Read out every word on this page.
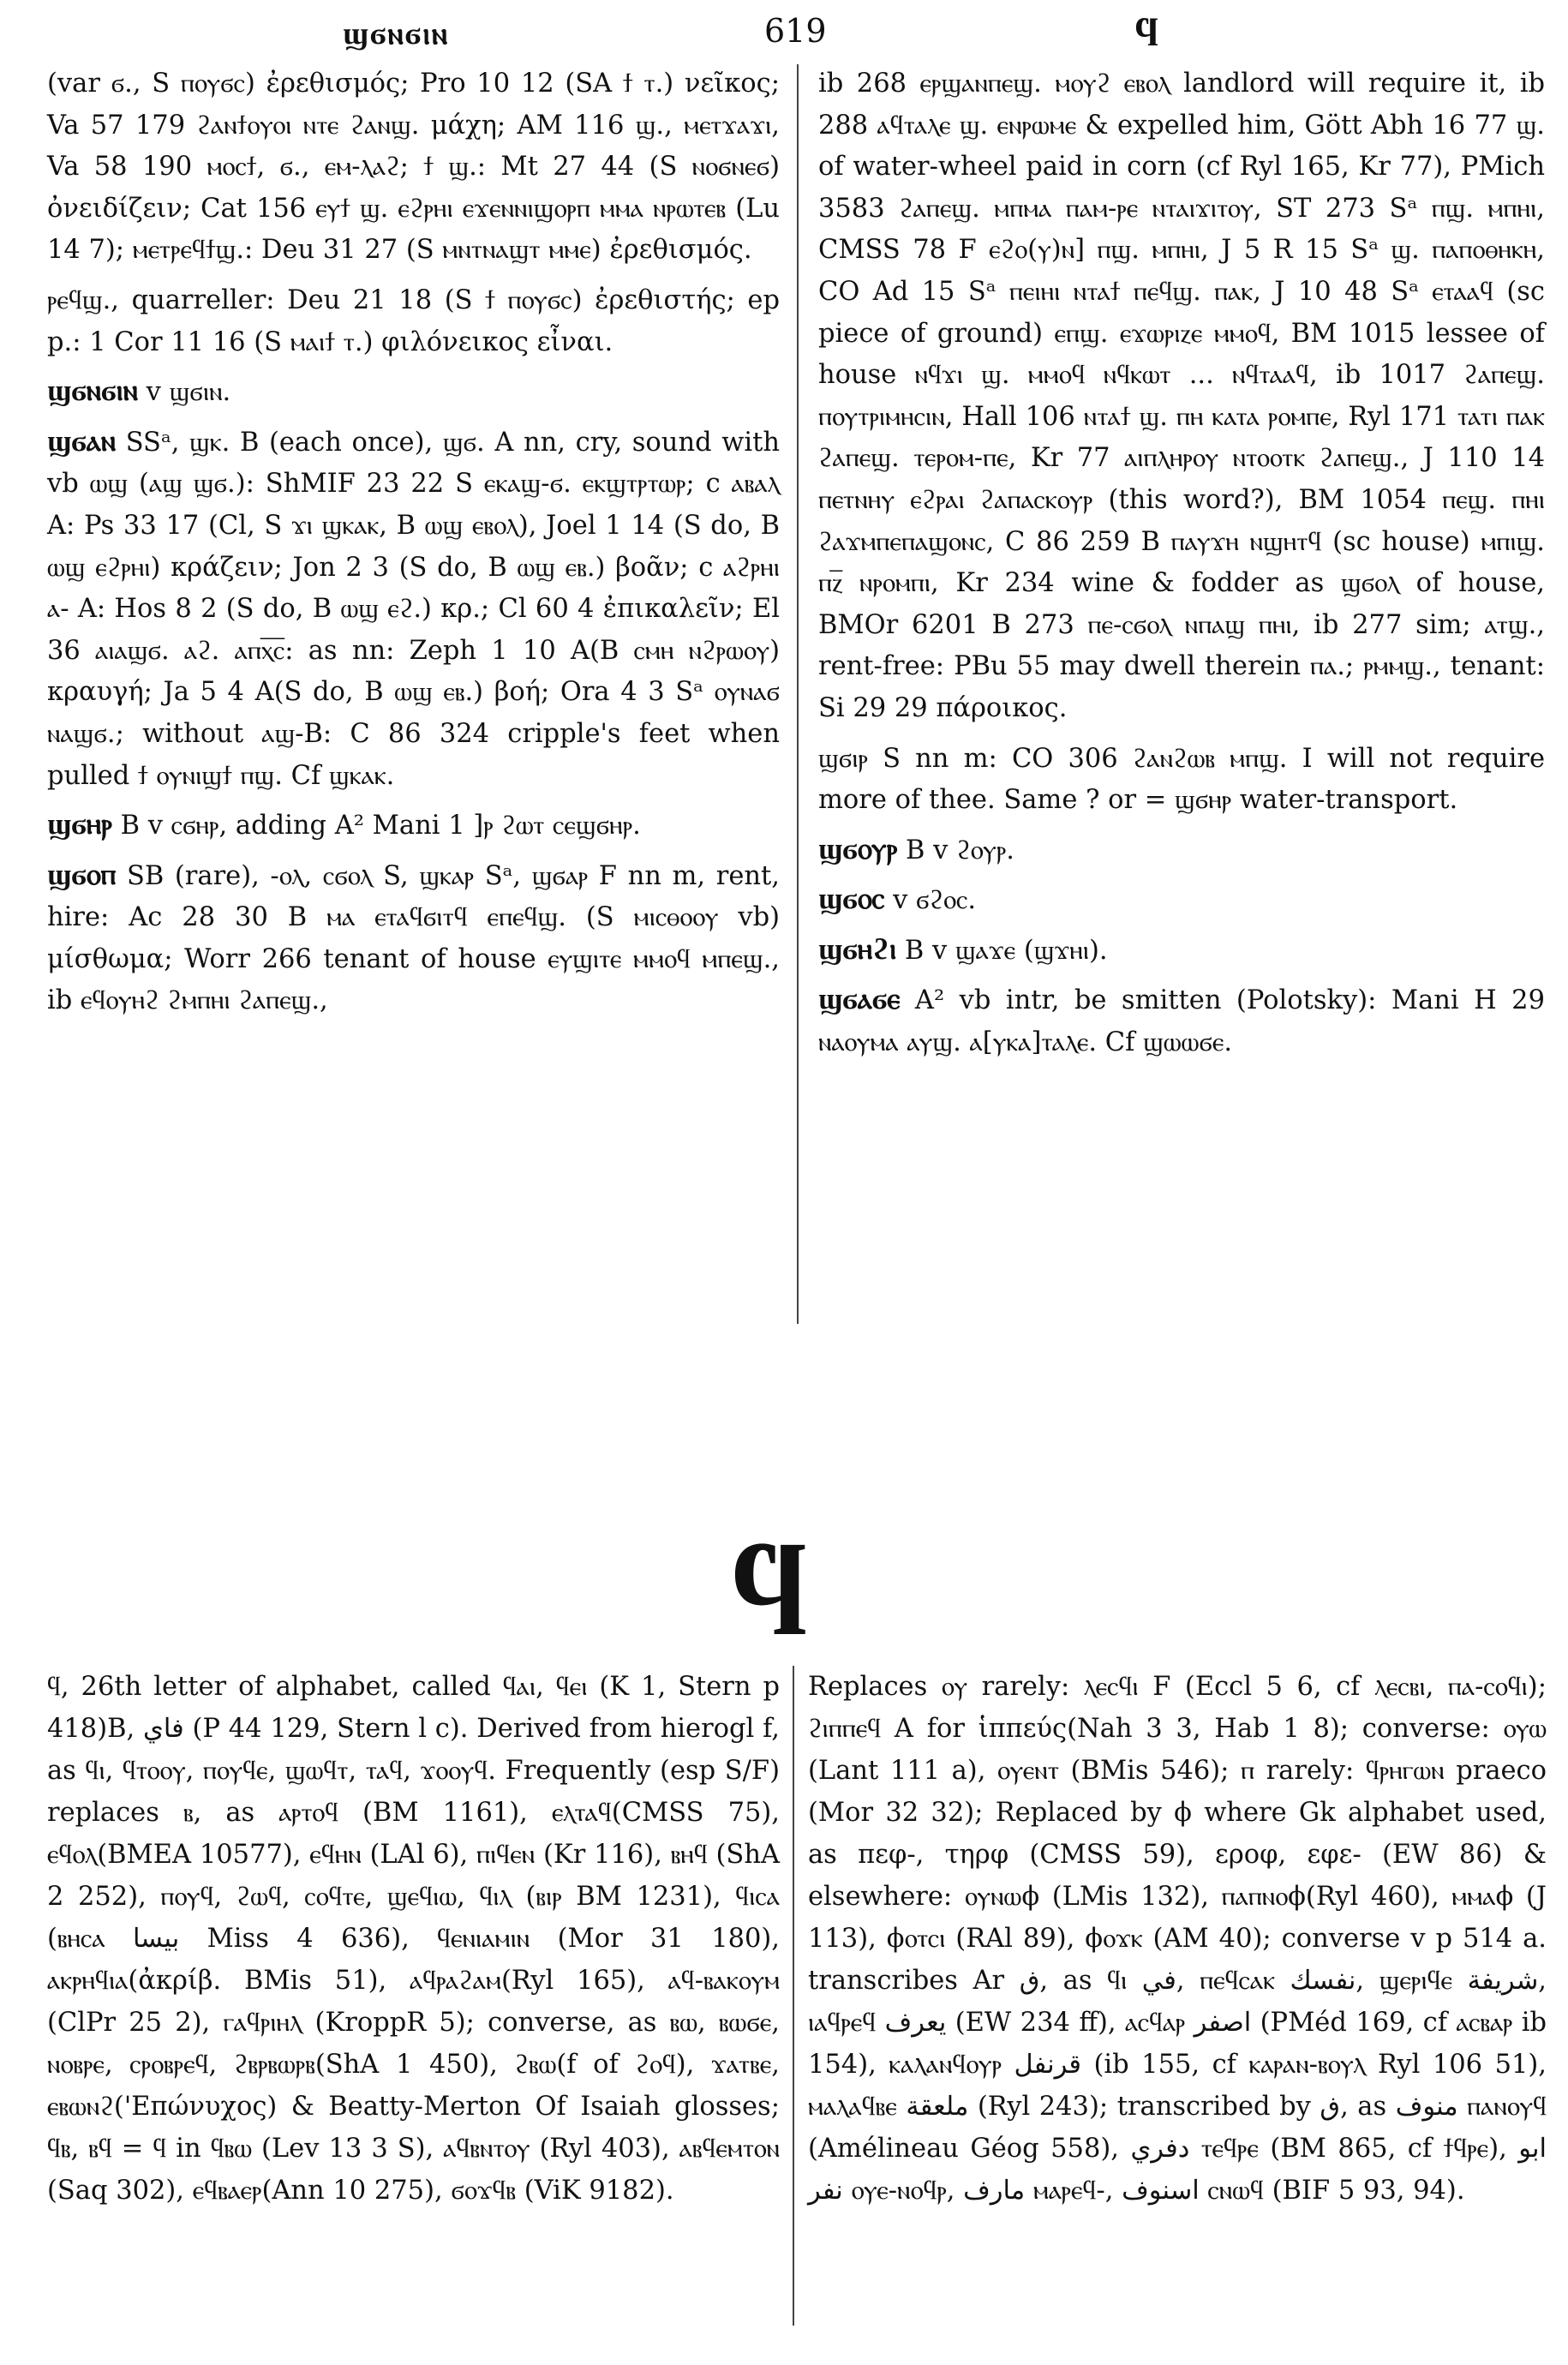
ϣϭⲛϭⲓⲛ	619	ϥ

(var ϭ., S ⲡⲟⲩϭⲥ) ἐρεθισμός; Pro 10 12 (SA ϯ ⲧ.) νεῖκος; Va 57 179 ϩⲁⲛϯⲟⲩⲟⲓ ⲛⲧⲉ ϩⲁⲛϣ. μάχη; AM 116 ϣ., ⲙⲉⲧϫⲁϫⲓ, Va 58 190 ⲙⲟⲥϯ, ϭ., ⲉⲙ-ⲗⲁϩ; ϯ ϣ.: Mt 27 44 (S ⲛⲟϭⲛⲉϭ) ὀνειδίζειν; Cat 156 ⲉⲩϯ ϣ. ⲉϩⲣⲏⲓ ⲉϫⲉⲛⲛⲓϣⲟⲣⲡ ⲙⲙⲁ ⲛⲣⲱⲧⲉⲃ (Lu 14 7); ⲙⲉⲧⲣⲉϥϯϣ.: Deu 31 27 (S ⲙⲛⲧⲛⲁϣⲧ ⲙⲙⲉ) ἐρεθισμός.

ⲣⲉϥϣ., quarreller: Deu 21 18 (S ϯ ⲡⲟⲩϭⲥ) ἐρεθιστής; ep p.: 1 Cor 11 16 (S ⲙⲁⲓϯ ⲧ.) φιλόνεικος εἶναι.

ϣϭⲛϭⲓⲛ v ϣϭⲓⲛ.

ϣϭⲁⲛ SSᵃ, ϣⲕ. B (each once), ϣϭ. A nn, cry, sound with vb ⲱϣ (ⲁϣ ϣϭ.): ShMIF 23 22 S ⲉⲕⲁϣ-ϭ. ⲉⲕϣⲧⲣⲧⲱⲣ; c ⲁⲃⲁⲗ A: Ps 33 17 (Cl, S ϫⲓ ϣⲕⲁⲕ, B ⲱϣ ⲉⲃⲟⲗ), Joel 1 14 (S do, B ⲱϣ ⲉϩⲣⲏⲓ) κράζειν; Jon 2 3 (S do, B ⲱϣ ⲉⲃ.) βοᾶν; c ⲁϩⲣⲏⲓ ⲁ- A: Hos 8 2 (S do, B ⲱϣ ⲉϩ.) κρ.; Cl 60 4 ἐπικαλεῖν; El 36 ⲁⲓⲁϣϭ. ⲁϩ. ⲁⲡⲭ̅ⲥ̅: as nn: Zeph 1 10 A(B ⲥⲙⲏ ⲛϩⲣⲱⲟⲩ) κραυγή; Ja 5 4 A(S do, B ⲱϣ ⲉⲃ.) βοή; Ora 4 3 Sᵃ ⲟⲩⲛⲁϭ ⲛⲁϣϭ.; without ⲁϣ-B: C 86 324 cripple's feet when pulled ϯ ⲟⲩⲛⲓϣϯ ⲡϣ. Cf ϣⲕⲁⲕ.

ϣϭⲏⲣ B v ⲥϭⲏⲣ, adding A² Mani 1 ]ⲣ ϩⲱⲧ ⲥⲉϣϭⲏⲣ.

ϣϭⲟⲡ SB (rare), -ⲟⲗ, ⲥϭⲟⲗ S, ϣⲕⲁⲣ Sᵃ, ϣϭⲁⲣ F nn m, rent, hire: Ac 28 30 B ⲙⲁ ⲉⲧⲁϥϭⲓⲧϥ ⲉⲡⲉϥϣ. (S ⲙⲓⲥⲑⲟⲟⲩ vb) μίσθωμα; Worr 266 tenant of house ⲉⲩϣⲓⲧⲉ ⲙⲙⲟϥ ⲙⲡⲉϣ., ib ⲉϥⲟⲩⲏϩ ϩⲙⲡⲏⲓ ϩⲁⲡⲉϣ.,

ib 268 ⲉⲣϣⲁⲛⲡⲉϣ. ⲙⲟⲩϩ ⲉⲃⲟⲗ landlord will require it, ib 288 ⲁϥⲧⲁⲗⲉ ϣ. ⲉⲛⲣⲱⲙⲉ & expelled him, Gött Abh 16 77 ϣ. of water-wheel paid in corn (cf Ryl 165, Kr 77), PMich 3583 ϩⲁⲡⲉϣ. ⲙⲡⲙⲁ ⲡⲁⲙ-ⲣⲉ ⲛⲧⲁⲓϫⲓⲧⲟⲩ, ST 273 Sᵃ ⲡϣ. ⲙⲡⲏⲓ, CMSS 78 F ⲉϩⲟ(ⲩ)ⲛ] ⲡϣ. ⲙⲡⲏⲓ, J 5 R 15 Sᵃ ϣ. ⲡⲁⲡⲟⲑⲏⲕⲏ, CO Ad 15 Sᵃ ⲡⲉⲓⲏⲓ ⲛⲧⲁϯ ⲡⲉϥϣ. ⲡⲁⲕ, J 10 48 Sᵃ ⲉⲧⲁⲁϥ (sc piece of ground) ⲉⲡϣ. ⲉϫⲱⲣⲓⲍⲉ ⲙⲙⲟϥ, BM 1015 lessee of house ⲛϥϫⲓ ϣ. ⲙⲙⲟϥ ⲛϥⲕⲱⲧ ... ⲛϥⲧⲁⲁϥ, ib 1017 ϩⲁⲡⲉϣ. ⲡⲟⲩⲧⲣⲓⲙⲏⲥⲓⲛ, Hall 106 ⲛⲧⲁϯ ϣ. ⲡⲏ ⲕⲁⲧⲁ ⲣⲟⲙⲡⲉ, Ryl 171 ⲧⲁⲧⲓ ⲡⲁⲕ ϩⲁⲡⲉϣ. ⲧⲉⲣⲟⲙ-ⲡⲉ, Kr 77 ⲁⲓⲡⲗⲏⲣⲟⲩ ⲛⲧⲟⲟⲧⲕ ϩⲁⲡⲉϣ., J 110 14 ⲡⲉⲧⲛⲏⲩ ⲉϩⲣⲁⲓ ϩⲁⲡⲁⲥⲕⲟⲩⲣ (this word?), BM 1054 ⲡⲉϣ. ⲡⲏⲓ ϩⲁϫⲙⲡⲉⲡⲁϣⲟⲛⲥ, C 86 259 B ⲡⲁⲩϫⲏ ⲛϣⲏⲧϥ (sc house) ⲙⲡⲓϣ. ⲡⲍ̅ ⲛⲣⲟⲙⲡⲓ, Kr 234 wine & fodder as ϣϭⲟⲗ of house, BMOr 6201 B 273 ⲡⲉ-ⲥϭⲟⲗ ⲛⲡⲁϣ ⲡⲏⲓ, ib 277 sim; ⲁⲧϣ., rent-free: PBu 55 may dwell therein ⲡⲁ.; ⲣⲙⲙϣ., tenant: Si 29 29 πάροικος.

ϣϭⲓⲣ S nn m: CO 306 ϩⲁⲛϩⲱⲃ ⲙⲡϣ. I will not require more of thee. Same ? or = ϣϭⲏⲣ water-transport.

ϣϭⲟⲩⲣ B v ϩⲟⲩⲣ.

ϣϭⲟⲥ v ϭϩⲟⲥ.

ϣϭⲏϩⲓ B v ϣⲁϫⲉ (ϣϫⲏⲓ).

ϣϭⲁϭⲉ A² vb intr, be smitten (Polotsky): Mani H 29 ⲛⲁⲟⲩⲙⲁ ⲁⲩϣ. ⲁ[ⲩⲕⲁ]ⲧⲁⲗⲉ. Cf ϣⲱⲱϭⲉ.

ϥ

ϥ, 26th letter of alphabet, called ϥⲁⲓ, ϥⲉⲓ (K 1, Stern p 418)B, ڧاي (P 44 129, Stern l c). Derived from hierogl f, as ϥⲓ, ϥⲧⲟⲟⲩ, ⲡⲟⲩϥⲉ, ϣⲱϥⲧ, ⲧⲁϥ, ϫⲟⲟⲩϥ. Frequently (esp S/F) replaces ⲃ, as ⲁⲣⲧⲟϥ (BM 1161), ⲉⲗⲧⲁϥ(CMSS 75), ⲉϥⲟⲗ(BMEA 10577), ⲉϥⲏⲛ (LAl 6), ⲡⲓϥⲉⲛ (Kr 116), ⲃⲏϥ (ShA 2 252), ⲡⲟⲩϥ, ϩⲱϥ, ⲥⲟϥⲧⲉ, ϣⲉϥⲓⲱ, ϥⲓⲗ (ⲃⲓⲣ BM 1231), ϥⲓⲥⲁ (ⲃⲏⲥⲁ بيسا Miss 4 636), ϥⲉⲛⲓⲁⲙⲓⲛ (Mor 31 180), ⲁⲕⲣⲏϥⲓⲁ(ἀκρίβ. BMis 51), ⲁϥⲣⲁϩⲁⲙ(Ryl 165), ⲁϥ-ⲃⲁⲕⲟⲩⲙ (ClPr 25 2), ⲅⲁϥⲣⲓⲏⲗ (KroppR 5); converse, as ⲃⲱ, ⲃⲱϭⲉ, ⲛⲟⲃⲣⲉ, ⲥⲣⲟⲃⲣⲉϥ, ϩⲃⲣⲃⲱⲣⲃ(ShA 1 450), ϩⲃⲱ(f of ϩⲟϥ), ϫⲁⲧⲃⲉ, ⲉⲃⲱⲛϩ('Επώνυχος) & Beatty-Merton Of Isaiah glosses; ϥⲃ, ⲃϥ = ϥ in ϥⲃⲱ (Lev 13 3 S), ⲁϥⲃⲛⲧⲟⲩ (Ryl 403), ⲁⲃϥⲉⲙⲧⲟⲛ (Saq 302), ⲉϥⲃⲁⲉⲣ(Ann 10 275), ϭⲟϫϥⲃ (ViK 9182).

Replaces ⲟⲩ rarely: ⲗⲉⲥϥⲓ F (Eccl 5 6, cf ⲗⲉⲥⲃⲓ, ⲡⲁ-ⲥⲟϥⲓ); ϩⲓⲡⲡⲉϥ A for ἱππεύς(Nah 3 3, Hab 1 8); converse: ⲟⲩⲱ (Lant 111 a), ⲟⲩⲉⲛⲧ (BMis 546); ⲡ rarely: ϥⲣⲏⲅⲱⲛ praeco (Mor 32 32); Replaced by ϕ where Gk alphabet used, as πεφ-, τηρφ (CMSS 59), εροφ, εφε- (EW 86) & elsewhere: ⲟⲩⲛⲱϕ (LMis 132), ⲡⲁⲡⲛⲟϕ(Ryl 460), ⲙⲙⲁϕ (J 113), ϕⲟⲧⲥⲓ (RAl 89), ϕⲟϫⲕ (AM 40); converse v p 514 a. transcribes Ar ڧ, as ϥⲓ ڧي, ⲡⲉϥⲥⲁⲕ نفسك, ϣⲉⲣⲓϥⲉ شريفة, ⲓⲁϥⲣⲉϥ يعرف (EW 234 ff), ⲁⲥϥⲁⲣ اصفر (PMéd 169, cf ⲁⲥⲃⲁⲣ ib 154), ⲕⲁⲗⲁⲛϥⲟⲩⲣ قرنفل (ib 155, cf ⲕⲁⲣⲁⲛ-ⲃⲟⲩⲗ Ryl 106 51), ⲙⲁⲗⲁϥⲃⲉ ملعقة (Ryl 243); transcribed by ڧ, as منوف ⲡⲁⲛⲟⲩϥ (Amélineau Géog 558), دفري ⲧⲉϥⲣⲉ (BM 865, cf ϯϥⲣⲉ), ابو نفر ⲟⲩⲉ-ⲛⲟϥⲣ, مارف ⲙⲁⲣⲉϥ-, اسنوف ⲥⲛⲱϥ (BIF 5 93, 94).
